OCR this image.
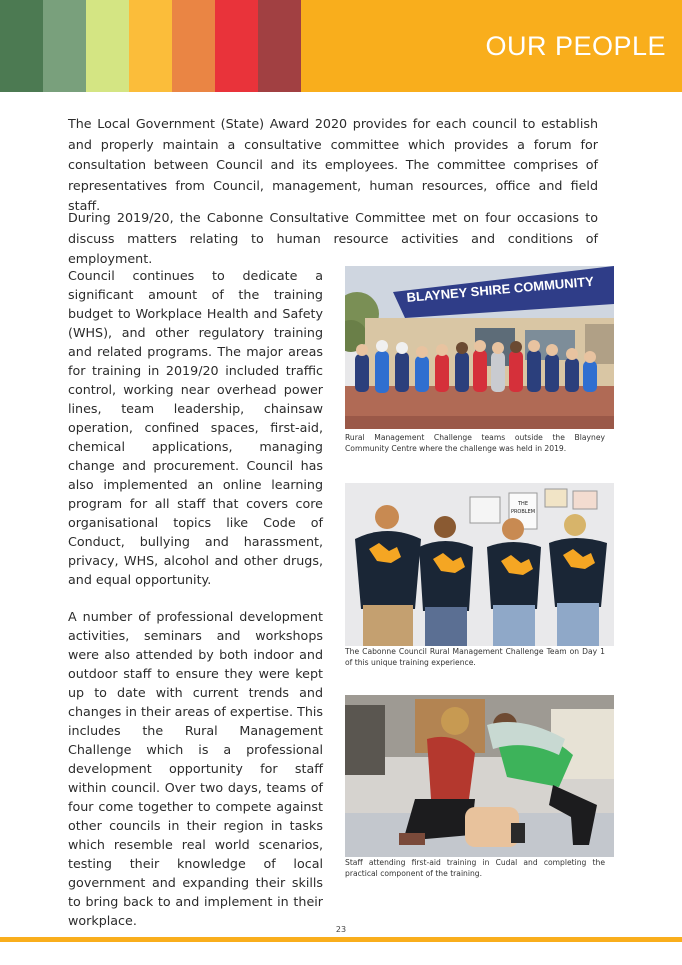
OUR PEOPLE

The Local Government (State) Award 2020 provides for each council to establish and properly maintain a consultative committee which provides a forum for consultation between Council and its employees. The committee comprises of representatives from Council, management, human resources, office and field staff.

During 2019/20, the Cabonne Consultative Committee met on four occasions to discuss matters relating to human resource activities and conditions of employment.

Council continues to dedicate a significant amount of the training budget to Workplace Health and Safety (WHS), and other regulatory training and related programs. The major areas for training in 2019/20 included traffic control, working near overhead power lines, team leadership, chainsaw operation, confined spaces, first-aid, chemical applications, managing change and procurement. Council has also implemented an online learning program for all staff that covers core organisational topics like Code of Conduct, bullying and harassment, privacy, WHS, alcohol and other drugs, and equal opportunity.

A number of professional development activities, seminars and workshops were also attended by both indoor and outdoor staff to ensure they were kept up to date with current trends and changes in their areas of expertise. This includes the Rural Management Challenge which is a professional development opportunity for staff within council. Over two days, teams of four come together to compete against other councils in their region in tasks which resemble real world scenarios, testing their knowledge of local government and expanding their skills to bring back to and implement in their workplace.

BLAYNEY SHIRE COMMUNITY

Rural Management Challenge teams outside the Blayney Community Centre where the challenge was held in 2019.

THE
PROBLEM

The Cabonne Council Rural Management Challenge Team on Day 1 of this unique training experience.

Staff attending first-aid training in Cudal and completing the practical component of the training.

23
